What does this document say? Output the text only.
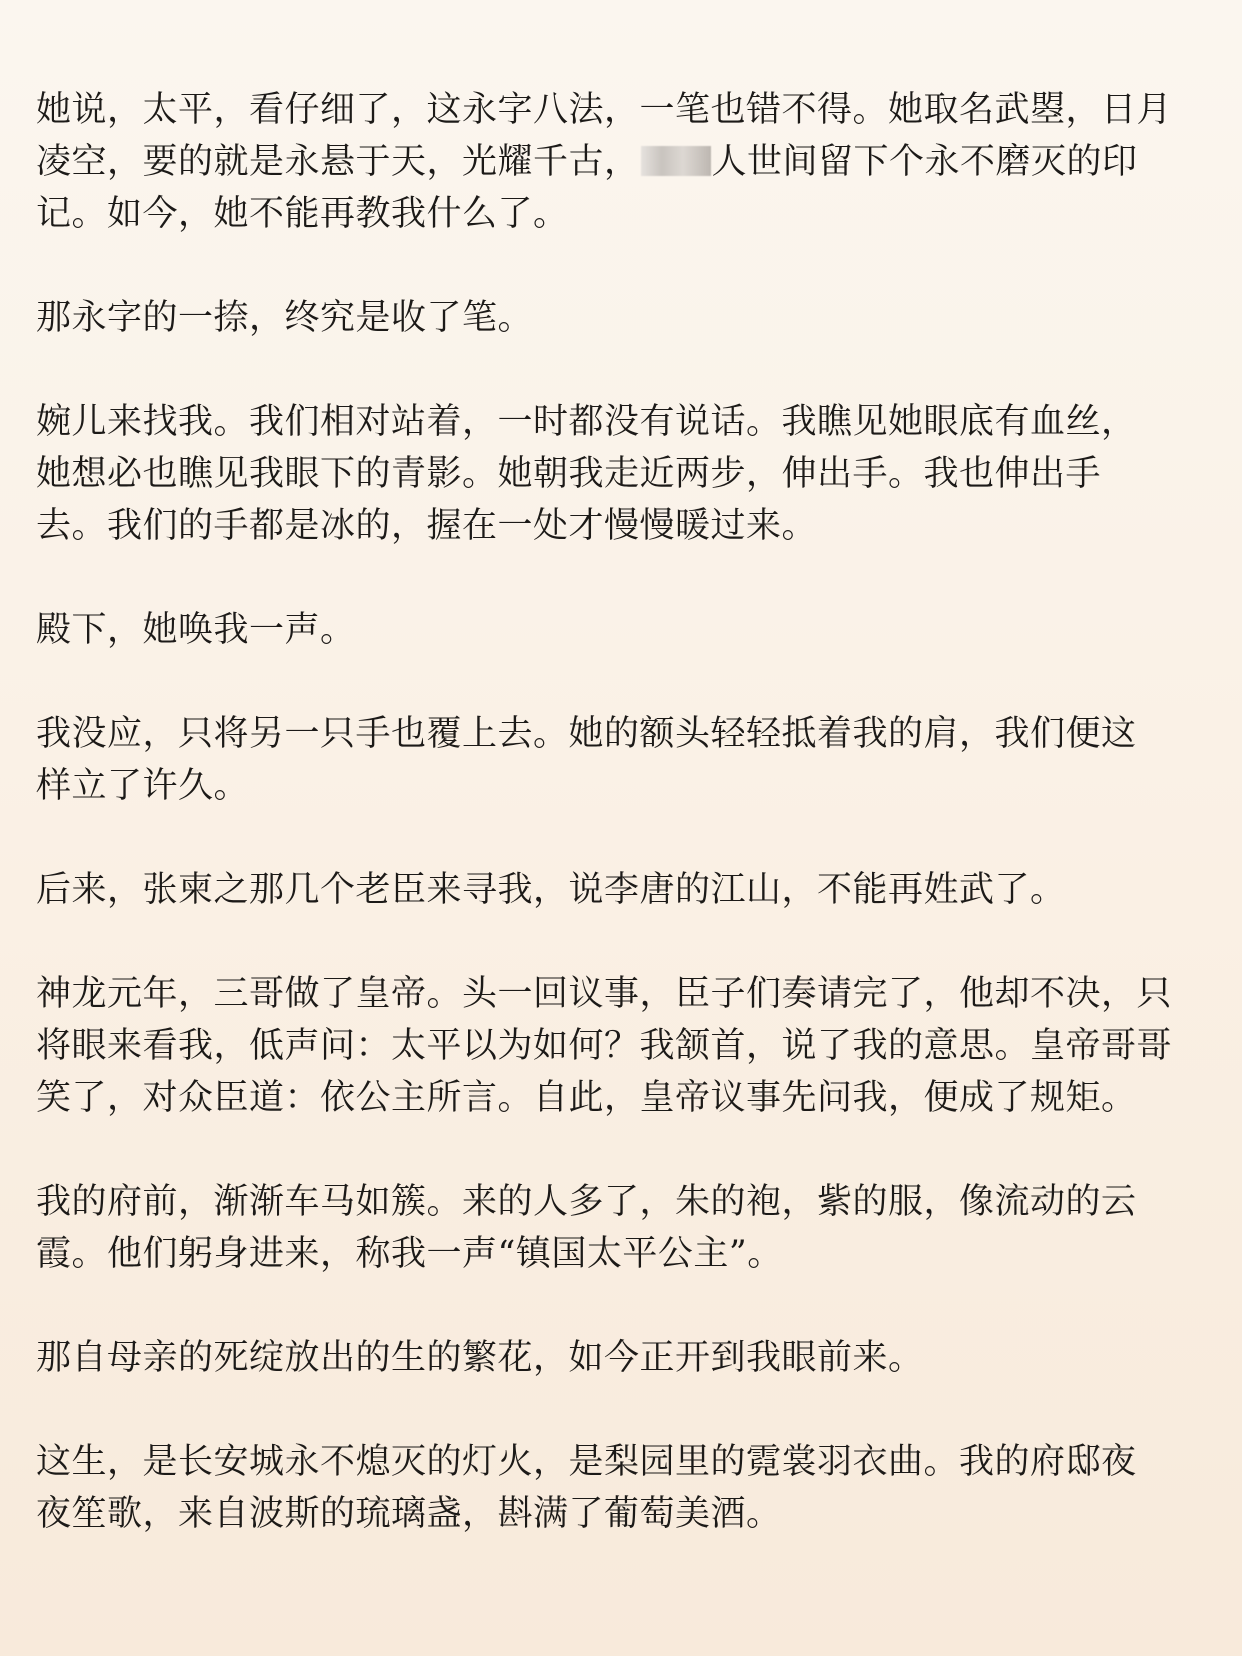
她说，太平，看仔细了，这永字八法，一笔也错不得。她取名武曌，日月
凌空，要的就是永悬于天，光耀千古， 人世间留下个永不磨灭的印
记。如今，她不能再教我什么了。

那永字的一捺，终究是收了笔。

婉儿来找我。我们相对站着，一时都没有说话。我瞧见她眼底有血丝，
她想必也瞧见我眼下的青影。她朝我走近两步，伸出手。我也伸出手
去。我们的手都是冰的，握在一处才慢慢暖过来。

殿下，她唤我一声。

我没应，只将另一只手也覆上去。她的额头轻轻抵着我的肩，我们便这
样立了许久。

后来，张柬之那几个老臣来寻我，说李唐的江山，不能再姓武了。

神龙元年，三哥做了皇帝。头一回议事，臣子们奏请完了，他却不决，只
将眼来看我，低声问：太平以为如何？我颔首，说了我的意思。皇帝哥哥
笑了，对众臣道：依公主所言。自此，皇帝议事先问我，便成了规矩。

我的府前，渐渐车马如簇。来的人多了，朱的袍，紫的服，像流动的云
霞。他们躬身进来，称我一声“镇国太平公主”。

那自母亲的死绽放出的生的繁花，如今正开到我眼前来。

这生，是长安城永不熄灭的灯火，是梨园里的霓裳羽衣曲。我的府邸夜
夜笙歌，来自波斯的琉璃盏，斟满了葡萄美酒。
